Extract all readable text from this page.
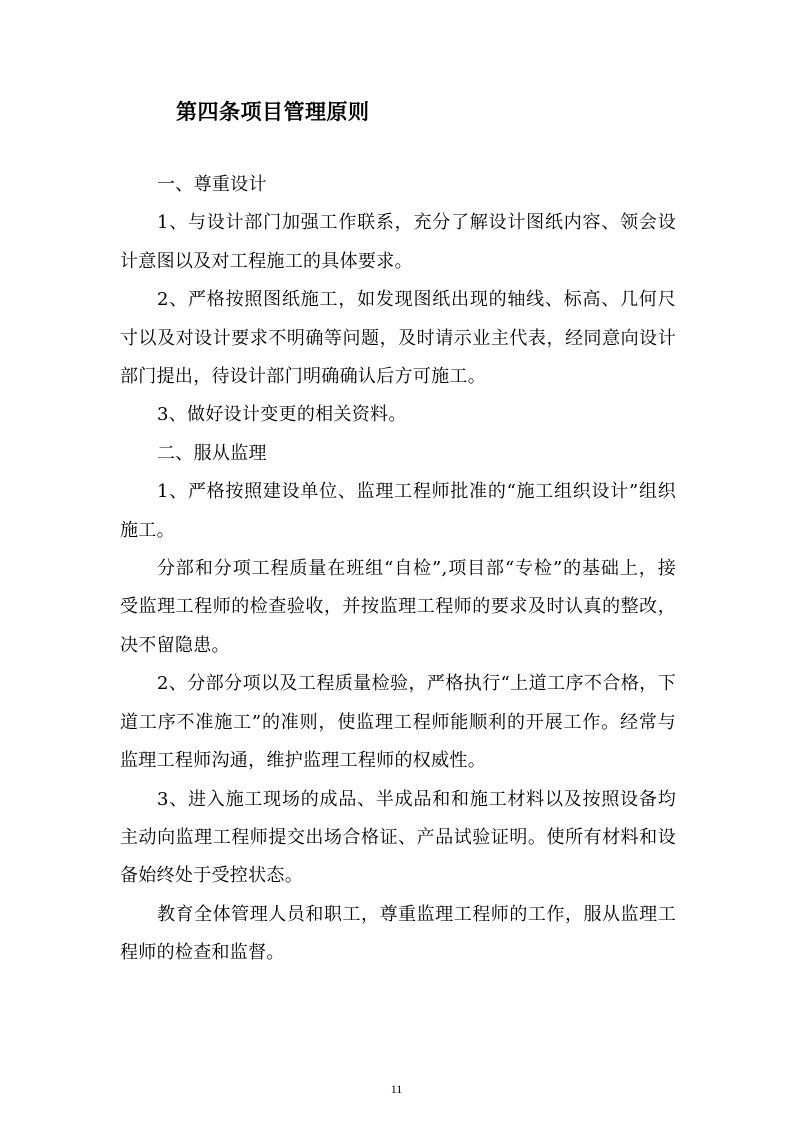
第四条项目管理原则

一、尊重设计

1、与设计部门加强工作联系，充分了解设计图纸内容、领会设计意图以及对工程施工的具体要求。

2、严格按照图纸施工，如发现图纸出现的轴线、标高、几何尺寸以及对设计要求不明确等问题，及时请示业主代表，经同意向设计部门提出，待设计部门明确确认后方可施工。

3、做好设计变更的相关资料。

二、服从监理

1、严格按照建设单位、监理工程师批准的“施工组织设计”组织施工。

分部和分项工程质量在班组“自检”,项目部“专检”的基础上，接受监理工程师的检查验收，并按监理工程师的要求及时认真的整改，决不留隐患。

2、分部分项以及工程质量检验，严格执行“上道工序不合格，下道工序不准施工”的准则，使监理工程师能顺利的开展工作。经常与监理工程师沟通，维护监理工程师的权威性。

3、进入施工现场的成品、半成品和和施工材料以及按照设备均主动向监理工程师提交出场合格证、产品试验证明。使所有材料和设备始终处于受控状态。

教育全体管理人员和职工，尊重监理工程师的工作，服从监理工程师的检查和监督。

11
